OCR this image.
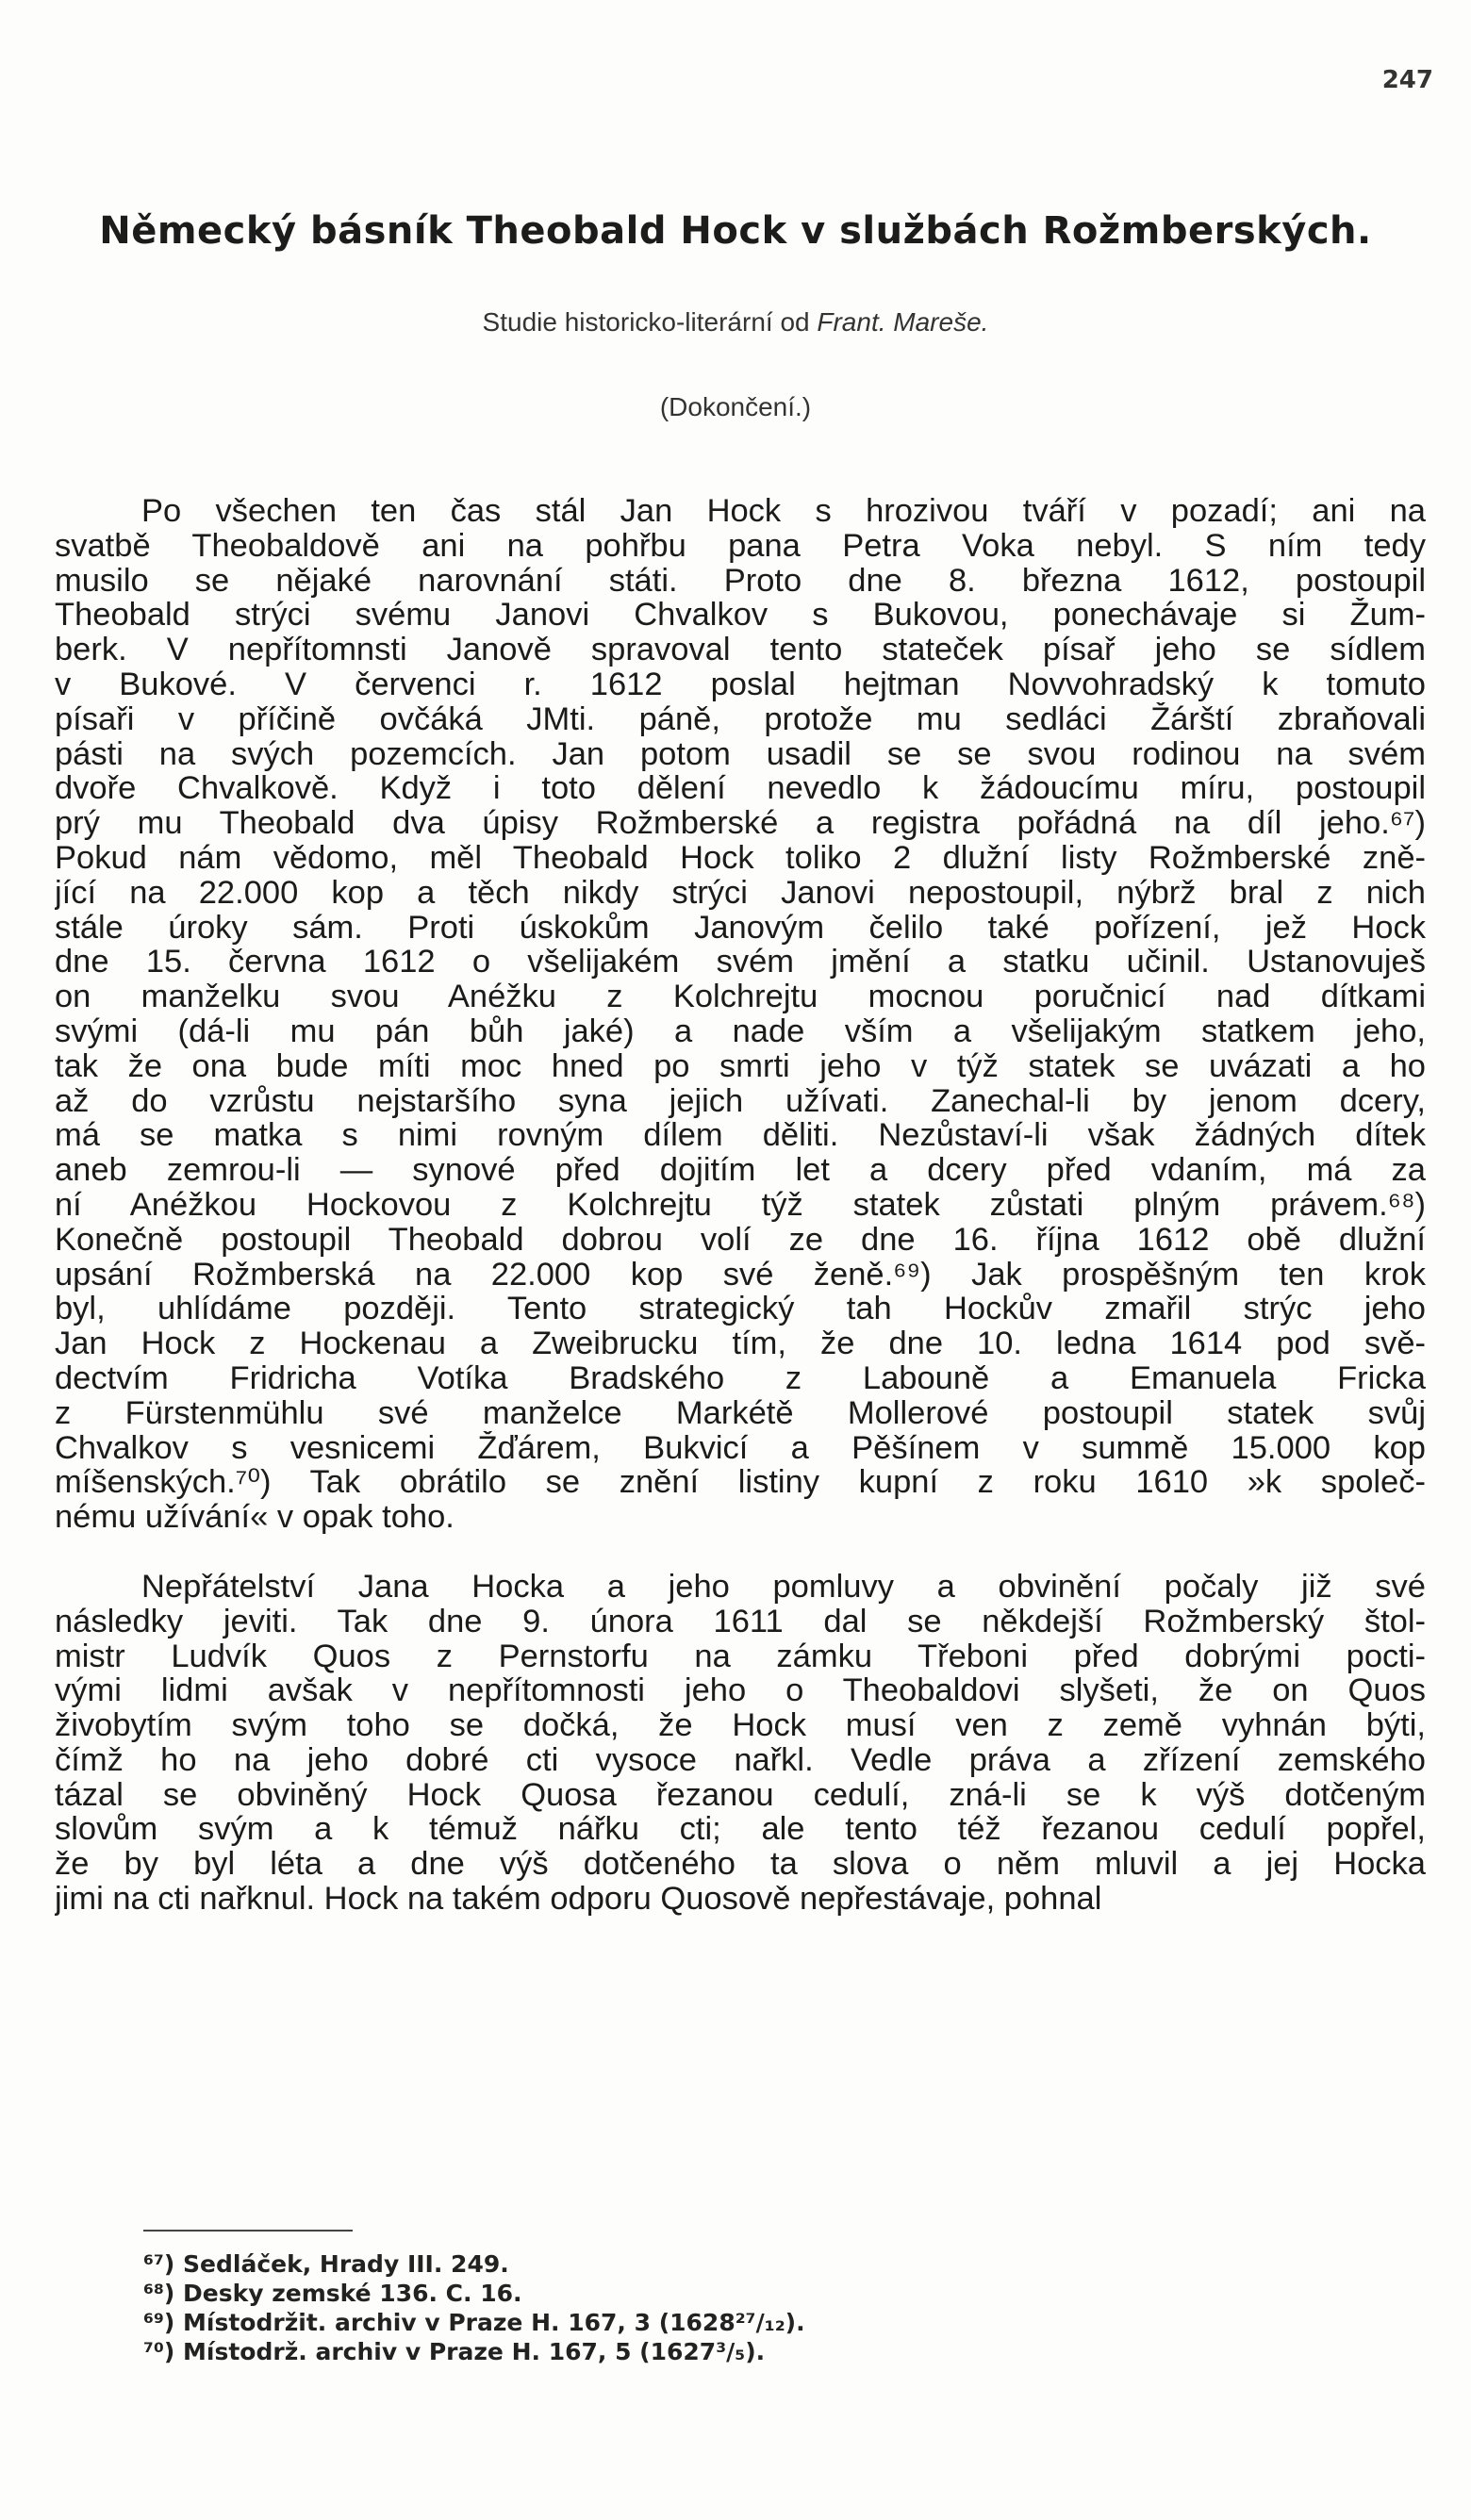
247
Německý básník Theobald Hock v službách Rožmberských.
Studie historicko-literární od Frant. Mareše.
(Dokončení.)
Po všechen ten čas stál Jan Hock s hrozivou tváří v pozadí; ani na
svatbě Theobaldově ani na pohřbu pana Petra Voka nebyl. S ním tedy
musilo se nějaké narovnání státi. Proto dne 8. března 1612, postoupil
Theobald strýci svému Janovi Chvalkov s Bukovou, ponechávaje si Žum-
berk. V nepřítomnsti Janově spravoval tento stateček písař jeho se sídlem
v Bukové. V červenci r. 1612 poslal hejtman Novvohradský k tomuto
písaři v příčině ovčáká JMti. páně, protože mu sedláci Žárští zbraňovali
pásti na svých pozemcích. Jan potom usadil se se svou rodinou na svém
dvoře Chvalkově. Když i toto dělení nevedlo k žádoucímu míru, postoupil
prý mu Theobald dva úpisy Rožmberské a registra pořádná na díl jeho.⁶⁷)
Pokud nám vědomo, měl Theobald Hock toliko 2 dlužní listy Rožmberské zně-
jící na 22.000 kop a těch nikdy strýci Janovi nepostoupil, nýbrž bral z nich
stále úroky sám. Proti úskokům Janovým čelilo také pořízení, jež Hock
dne 15. června 1612 o všelijakém svém jmění a statku učinil. Ustanovuješ
on manželku svou Anéžku z Kolchrejtu mocnou poručnicí nad dítkami
svými (dá-li mu pán bůh jaké) a nade vším a všelijakým statkem jeho,
tak že ona bude míti moc hned po smrti jeho v týž statek se uvázati a ho
až do vzrůstu nejstaršího syna jejich užívati. Zanechal-li by jenom dcery,
má se matka s nimi rovným dílem děliti. Nezůstaví-li však žádných dítek
aneb zemrou-li — synové před dojitím let a dcery před vdaním, má za
ní Anéžkou Hockovou z Kolchrejtu týž statek zůstati plným právem.⁶⁸)
Konečně postoupil Theobald dobrou volí ze dne 16. října 1612 obě dlužní
upsání Rožmberská na 22.000 kop své ženě.⁶⁹) Jak prospěšným ten krok
byl, uhlídáme později. Tento strategický tah Hockův zmařil strýc jeho
Jan Hock z Hockenau a Zweibrucku tím, že dne 10. ledna 1614 pod svě-
dectvím Fridricha Votíka Bradského z Labouně a Emanuela Fricka
z Fürstenmühlu své manželce Markétě Mollerové postoupil statek svůj
Chvalkov s vesnicemi Žďárem, Bukvicí a Pěšínem v summě 15.000 kop
míšenských.⁷⁰) Tak obrátilo se znění listiny kupní z roku 1610 »k společ-
nému užívání« v opak toho.
Nepřátelství Jana Hocka a jeho pomluvy a obvinění počaly již své
následky jeviti. Tak dne 9. února 1611 dal se někdejší Rožmberský štol-
mistr Ludvík Quos z Pernstorfu na zámku Třeboni před dobrými pocti-
vými lidmi avšak v nepřítomnosti jeho o Theobaldovi slyšeti, že on Quos
živobytím svým toho se dočká, že Hock musí ven z země vyhnán býti,
čímž ho na jeho dobré cti vysoce nařkl. Vedle práva a zřízení zemského
tázal se obviněný Hock Quosa řezanou cedulí, zná-li se k výš dotčeným
slovům svým a k témuž nářku cti; ale tento též řezanou cedulí popřel,
že by byl léta a dne výš dotčeného ta slova o něm mluvil a jej Hocka
jimi na cti nařknul. Hock na takém odporu Quosově nepřestávaje, pohnal
⁶⁷) Sedláček, Hrady III. 249.
⁶⁸) Desky zemské 136. C. 16.
⁶⁹) Místodržit. archiv v Praze H. 167, 3 (1628²⁷/₁₂).
⁷⁰) Místodrž. archiv v Praze H. 167, 5 (1627³/₅).
